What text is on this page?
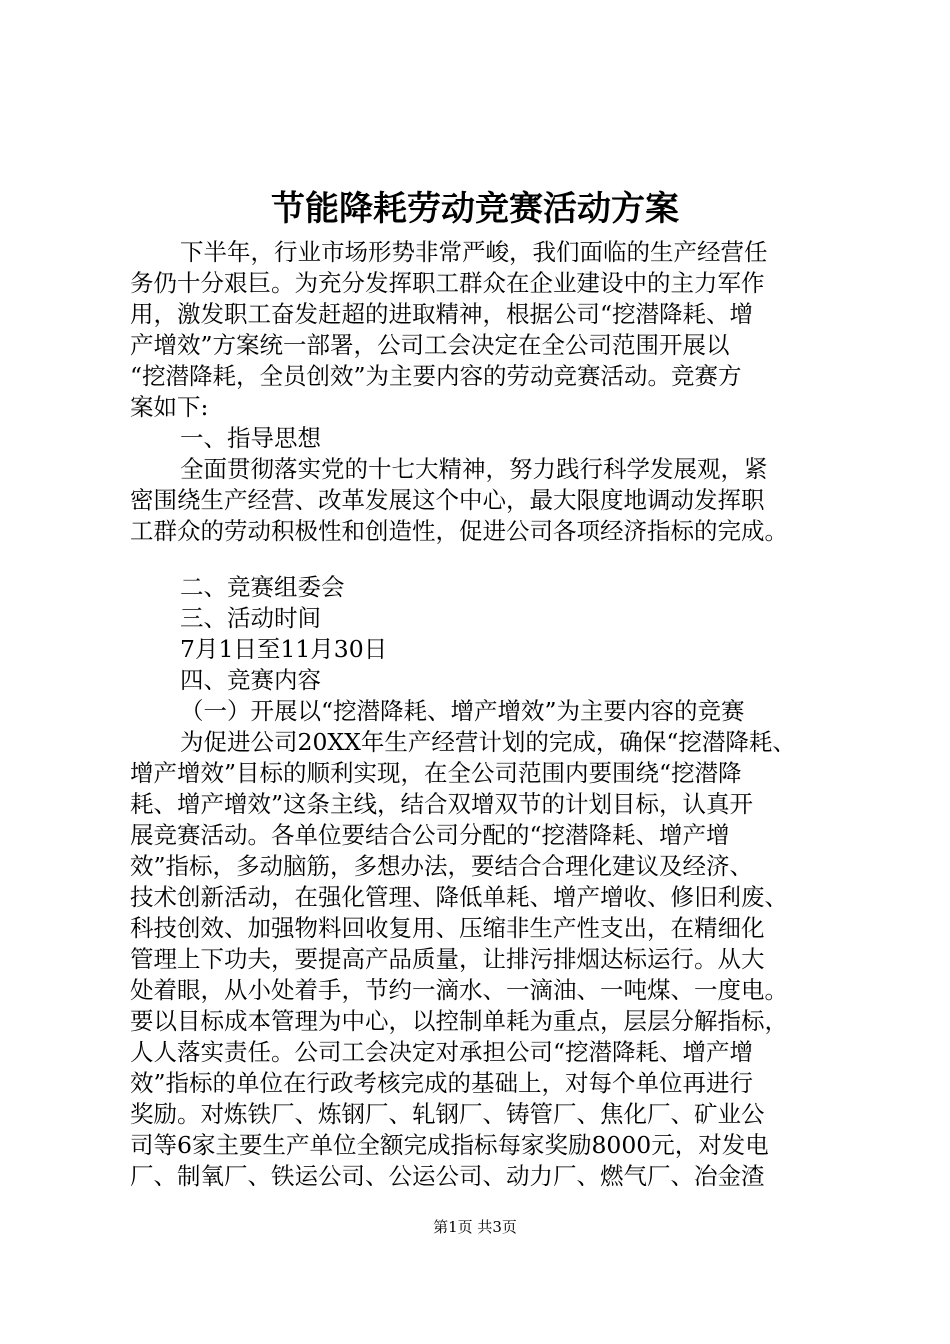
节能降耗劳动竞赛活动方案
下半年，行业市场形势非常严峻，我们面临的生产经营任
务仍十分艰巨。为充分发挥职工群众在企业建设中的主力军作
用，激发职工奋发赶超的进取精神，根据公司“挖潜降耗、增
产增效”方案统一部署，公司工会决定在全公司范围开展以
“挖潜降耗，全员创效”为主要内容的劳动竞赛活动。竞赛方
案如下:
一、指导思想
全面贯彻落实党的十七大精神，努力践行科学发展观，紧
密围绕生产经营、改革发展这个中心，最大限度地调动发挥职
工群众的劳动积极性和创造性，促进公司各项经济指标的完成。
二、竞赛组委会
三、活动时间
7月1日至11月30日
四、竞赛内容
（一）开展以“挖潜降耗、增产增效”为主要内容的竞赛
为促进公司20XX年生产经营计划的完成，确保“挖潜降耗、
增产增效”目标的顺利实现，在全公司范围内要围绕“挖潜降
耗、增产增效”这条主线，结合双增双节的计划目标，认真开
展竞赛活动。各单位要结合公司分配的“挖潜降耗、增产增
效”指标，多动脑筋，多想办法，要结合合理化建议及经济、
技术创新活动，在强化管理、降低单耗、增产增收、修旧利废、
科技创效、加强物料回收复用、压缩非生产性支出，在精细化
管理上下功夫，要提高产品质量，让排污排烟达标运行。从大
处着眼，从小处着手，节约一滴水、一滴油、一吨煤、一度电。
要以目标成本管理为中心，以控制单耗为重点，层层分解指标，
人人落实责任。公司工会决定对承担公司“挖潜降耗、增产增
效”指标的单位在行政考核完成的基础上，对每个单位再进行
奖励。对炼铁厂、炼钢厂、轧钢厂、铸管厂、焦化厂、矿业公
司等6家主要生产单位全额完成指标每家奖励8000元，对发电
厂、制氧厂、铁运公司、公运公司、动力厂、燃气厂、冶金渣
第1页 共3页
